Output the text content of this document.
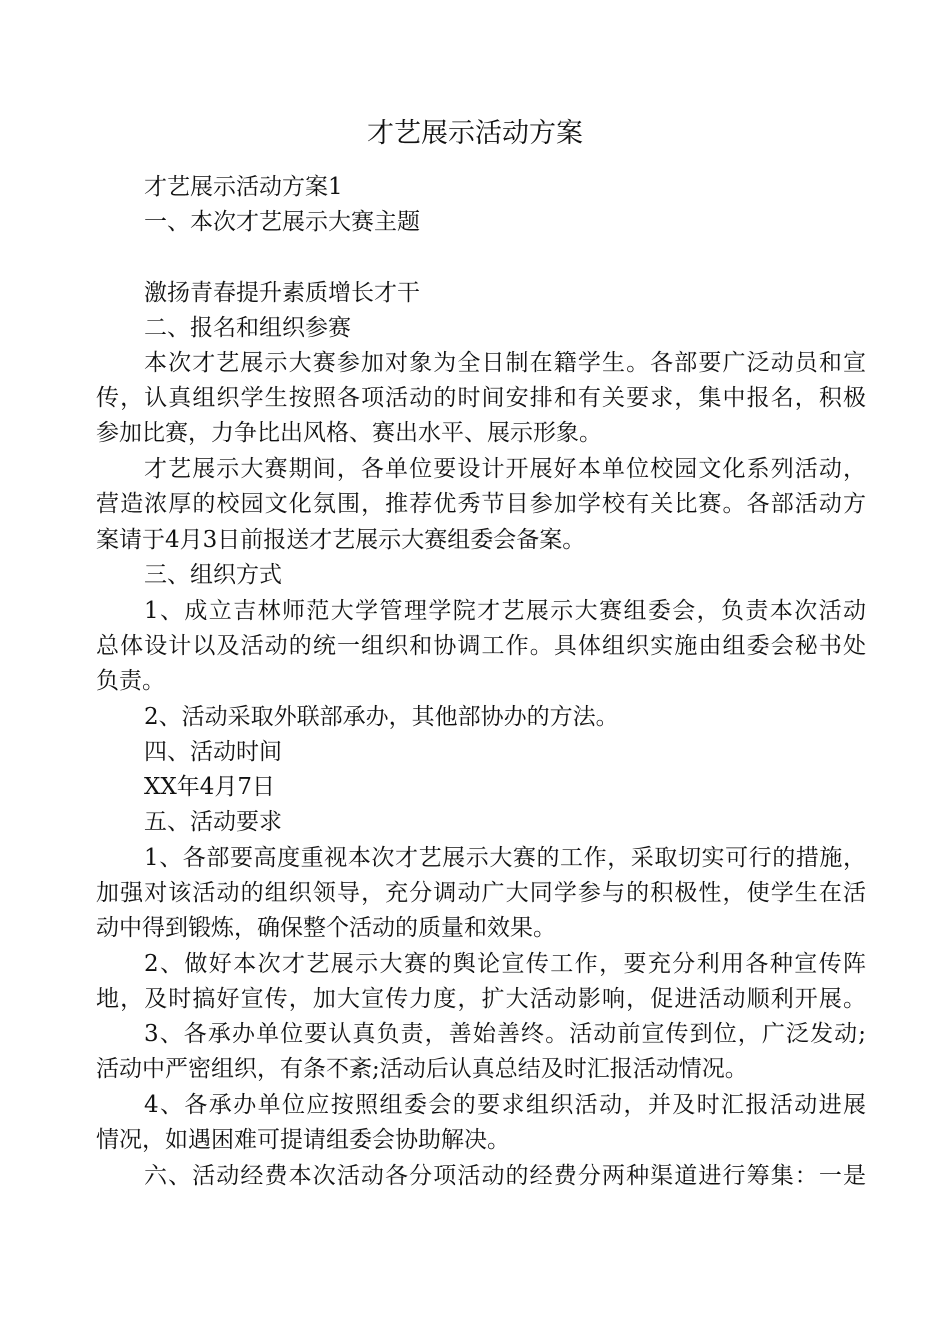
才艺展示活动方案
才艺展示活动方案1
一、本次才艺展示大赛主题
激扬青春提升素质增长才干
二、报名和组织参赛
本次才艺展示大赛参加对象为全日制在籍学生。各部要广泛动员和宣
传，认真组织学生按照各项活动的时间安排和有关要求，集中报名，积极
参加比赛，力争比出风格、赛出水平、展示形象。
才艺展示大赛期间，各单位要设计开展好本单位校园文化系列活动，
营造浓厚的校园文化氛围，推荐优秀节目参加学校有关比赛。各部活动方
案请于4月3日前报送才艺展示大赛组委会备案。
三、组织方式
1、成立吉林师范大学管理学院才艺展示大赛组委会，负责本次活动
总体设计以及活动的统一组织和协调工作。具体组织实施由组委会秘书处
负责。
2、活动采取外联部承办，其他部协办的方法。
四、活动时间
XX年4月7日
五、活动要求
1、各部要高度重视本次才艺展示大赛的工作，采取切实可行的措施，
加强对该活动的组织领导，充分调动广大同学参与的积极性，使学生在活
动中得到锻炼，确保整个活动的质量和效果。
2、做好本次才艺展示大赛的舆论宣传工作，要充分利用各种宣传阵
地，及时搞好宣传，加大宣传力度，扩大活动影响，促进活动顺利开展。
3、各承办单位要认真负责，善始善终。活动前宣传到位，广泛发动;
活动中严密组织，有条不紊;活动后认真总结及时汇报活动情况。
4、各承办单位应按照组委会的要求组织活动，并及时汇报活动进展
情况，如遇困难可提请组委会协助解决。
六、活动经费本次活动各分项活动的经费分两种渠道进行筹集：一是
